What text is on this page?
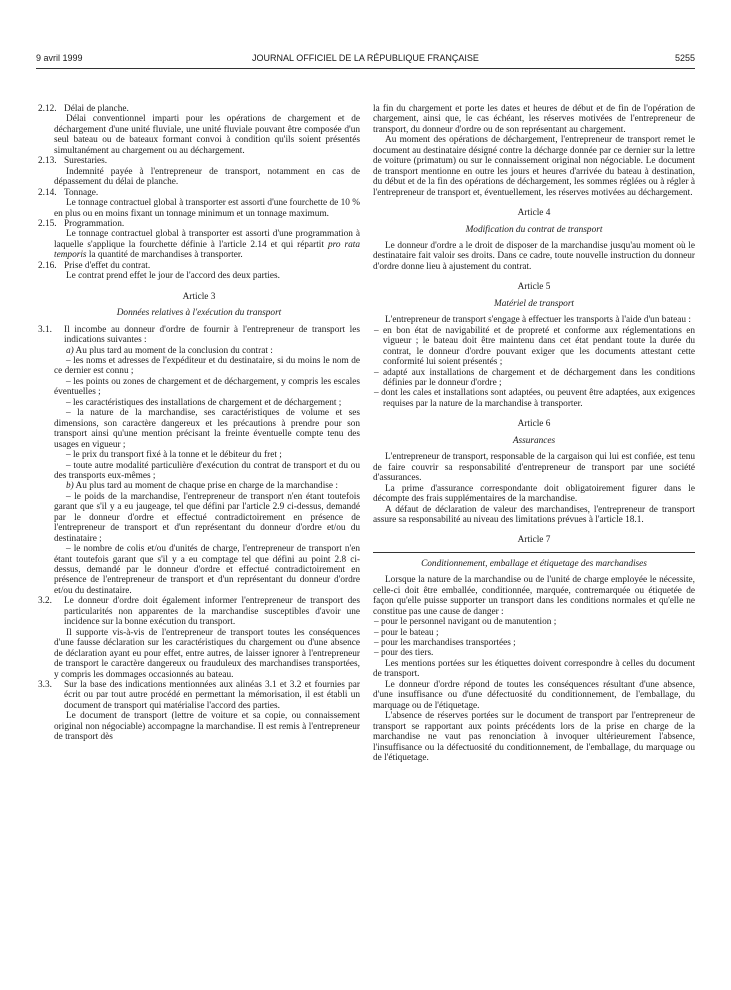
9 avril 1999	JOURNAL OFFICIEL DE LA RÉPUBLIQUE FRANÇAISE	5255
2.12. Délai de planche.

Délai conventionnel imparti pour les opérations de chargement et de déchargement d'une unité fluviale, une unité fluviale pouvant être composée d'un seul bateau ou de bateaux formant convoi à condition qu'ils soient présentés simultanément au chargement ou au déchargement.

2.13. Surestaries.

Indemnité payée à l'entrepreneur de transport, notamment en cas de dépassement du délai de planche.

2.14. Tonnage.

Le tonnage contractuel global à transporter est assorti d'une fourchette de 10 % en plus ou en moins fixant un tonnage minimum et un tonnage maximum.

2.15. Programmation.

Le tonnage contractuel global à transporter est assorti d'une programmation à laquelle s'applique la fourchette définie à l'article 2.14 et qui répartit pro rata temporis la quantité de marchandises à transporter.

2.16. Prise d'effet du contrat.

Le contrat prend effet le jour de l'accord des deux parties.

Article 3

Données relatives à l'exécution du transport

3.1. Il incombe au donneur d'ordre de fournir à l'entrepreneur de transport les indications suivantes :

a) Au plus tard au moment de la conclusion du contrat :

– les noms et adresses de l'expéditeur et du destinataire, si du moins le nom de ce dernier est connu ;

– les points ou zones de chargement et de déchargement, y compris les escales éventuelles ;

– les caractéristiques des installations de chargement et de déchargement ;

– la nature de la marchandise, ses caractéristiques de volume et ses dimensions, son caractère dangereux et les précautions à prendre pour son transport ainsi qu'une mention précisant la freinte éventuelle compte tenu des usages en vigueur ;

– le prix du transport fixé à la tonne et le débiteur du fret ;

– toute autre modalité particulière d'exécution du contrat de transport et du ou des transports eux-mêmes ;

b) Au plus tard au moment de chaque prise en charge de la marchandise :

– le poids de la marchandise, l'entrepreneur de transport n'en étant toutefois garant que s'il y a eu jaugeage, tel que défini par l'article 2.9 ci-dessus, demandé par le donneur d'ordre et effectué contradictoirement en présence de l'entrepreneur de transport et d'un représentant du donneur d'ordre et/ou du destinataire ;

– le nombre de colis et/ou d'unités de charge, l'entrepreneur de transport n'en étant toutefois garant que s'il y a eu comptage tel que défini au point 2.8 ci-dessus, demandé par le donneur d'ordre et effectué contradictoirement en présence de l'entrepreneur de transport et d'un représentant du donneur d'ordre et/ou du destinataire.

3.2. Le donneur d'ordre doit également informer l'entrepreneur de transport des particularités non apparentes de la marchandise susceptibles d'avoir une incidence sur la bonne exécution du transport.

Il supporte vis-à-vis de l'entrepreneur de transport toutes les conséquences d'une fausse déclaration sur les caractéristiques du chargement ou d'une absence de déclaration ayant eu pour effet, entre autres, de laisser ignorer à l'entrepreneur de transport le caractère dangereux ou frauduleux des marchandises transportées, y compris les dommages occasionnés au bateau.

3.3. Sur la base des indications mentionnées aux alinéas 3.1 et 3.2 et fournies par écrit ou par tout autre procédé en permettant la mémorisation, il est établi un document de transport qui matérialise l'accord des parties.

Le document de transport (lettre de voiture et sa copie, ou connaissement original non négociable) accompagne la marchandise. Il est remis à l'entrepreneur de transport dès

la fin du chargement et porte les dates et heures de début et de fin de l'opération de chargement, ainsi que, le cas échéant, les réserves motivées de l'entrepreneur de transport, du donneur d'ordre ou de son représentant au chargement.

Au moment des opérations de déchargement, l'entrepreneur de transport remet le document au destinataire désigné contre la décharge donnée par ce dernier sur la lettre de voiture (primatum) ou sur le connaissement original non négociable. Le document de transport mentionne en outre les jours et heures d'arrivée du bateau à destination, du début et de la fin des opérations de déchargement, les sommes réglées ou à régler à l'entrepreneur de transport et, éventuellement, les réserves motivées au déchargement.

Article 4

Modification du contrat de transport

Le donneur d'ordre a le droit de disposer de la marchandise jusqu'au moment où le destinataire fait valoir ses droits. Dans ce cadre, toute nouvelle instruction du donneur d'ordre donne lieu à ajustement du contrat.

Article 5

Matériel de transport

L'entrepreneur de transport s'engage à effectuer les transports à l'aide d'un bateau :

– en bon état de navigabilité et de propreté et conforme aux réglementations en vigueur ; le bateau doit être maintenu dans cet état pendant toute la durée du contrat, le donneur d'ordre pouvant exiger que les documents attestant cette conformité lui soient présentés ;

– adapté aux installations de chargement et de déchargement dans les conditions définies par le donneur d'ordre ;

– dont les cales et installations sont adaptées, ou peuvent être adaptées, aux exigences requises par la nature de la marchandise à transporter.

Article 6

Assurances

L'entrepreneur de transport, responsable de la cargaison qui lui est confiée, est tenu de faire couvrir sa responsabilité d'entrepreneur de transport par une société d'assurances.

La prime d'assurance correspondante doit obligatoirement figurer dans le décompte des frais supplémentaires de la marchandise.

A défaut de déclaration de valeur des marchandises, l'entrepreneur de transport assure sa responsabilité au niveau des limitations prévues à l'article 18.1.

Article 7

Conditionnement, emballage et étiquetage des marchandises

Lorsque la nature de la marchandise ou de l'unité de charge employée le nécessite, celle-ci doit être emballée, conditionnée, marquée, contremarquée ou étiquetée de façon qu'elle puisse supporter un transport dans les conditions normales et qu'elle ne constitue pas une cause de danger :

– pour le personnel navigant ou de manutention ;

– pour le bateau ;

– pour les marchandises transportées ;

– pour des tiers.

Les mentions portées sur les étiquettes doivent correspondre à celles du document de transport.

Le donneur d'ordre répond de toutes les conséquences résultant d'une absence, d'une insuffisance ou d'une défectuosité du conditionnement, de l'emballage, du marquage ou de l'étiquetage.

L'absence de réserves portées sur le document de transport par l'entrepreneur de transport se rapportant aux points précédents lors de la prise en charge de la marchandise ne vaut pas renonciation à invoquer ultérieurement l'absence, l'insuffisance ou la défectuosité du conditionnement, de l'emballage, du marquage ou de l'étiquetage.
